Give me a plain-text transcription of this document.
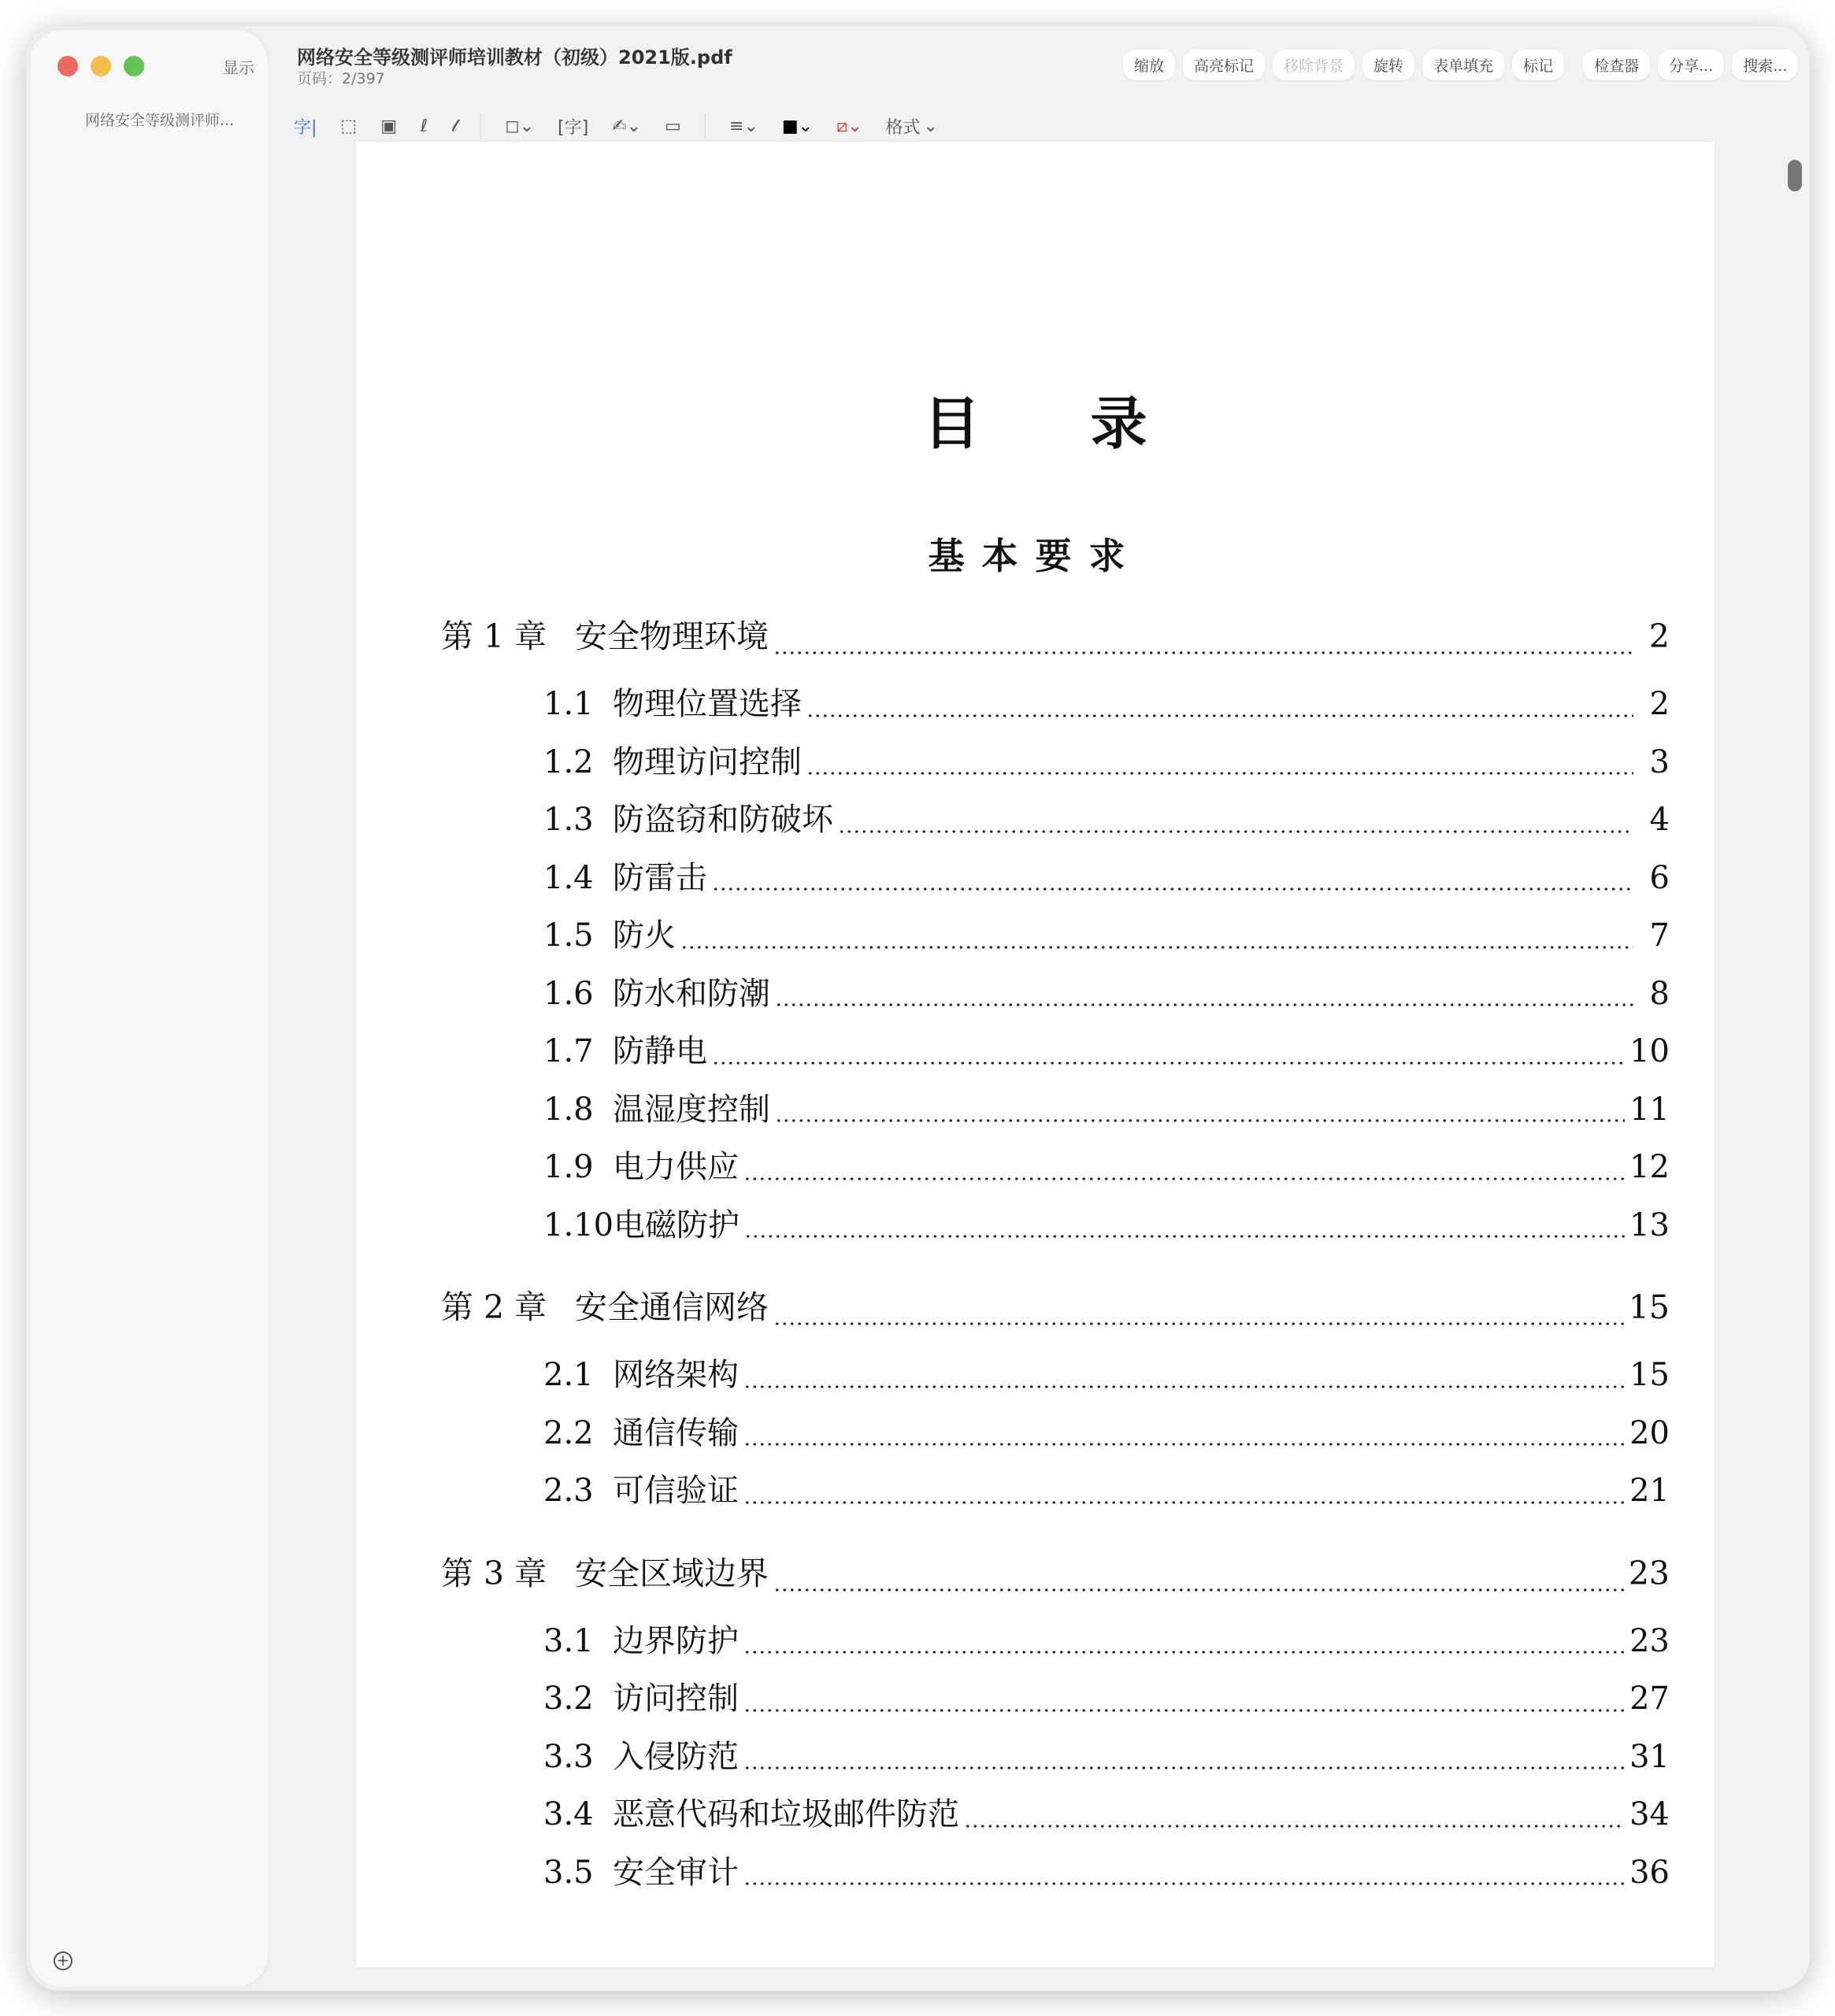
显示
网络安全等级测评师...
+
网络安全等级测评师培训教材（初级）2021版.pdf
页码：2/397
缩放	高亮标记	移除背景	旋转	表单填充	标记	检查器	分享...	搜索...
字| ⬚ ▣ ℓ 𝓁	◻⌄ [字] ✍⌄ ▭	≡⌄ ■⌄ ⧄⌄ 格式 ⌄
目录
基本要求
第 1 章 安全物理环境	2
1.1 物理位置选择	2
1.2 物理访问控制	3
1.3 防盗窃和防破坏	4
1.4 防雷击	6
1.5 防火	7
1.6 防水和防潮	8
1.7 防静电	10
1.8 温湿度控制	11
1.9 电力供应	12
1.10 电磁防护	13
第 2 章 安全通信网络	15
2.1 网络架构	15
2.2 通信传输	20
2.3 可信验证	21
第 3 章 安全区域边界	23
3.1 边界防护	23
3.2 访问控制	27
3.3 入侵防范	31
3.4 恶意代码和垃圾邮件防范	34
3.5 安全审计	36
